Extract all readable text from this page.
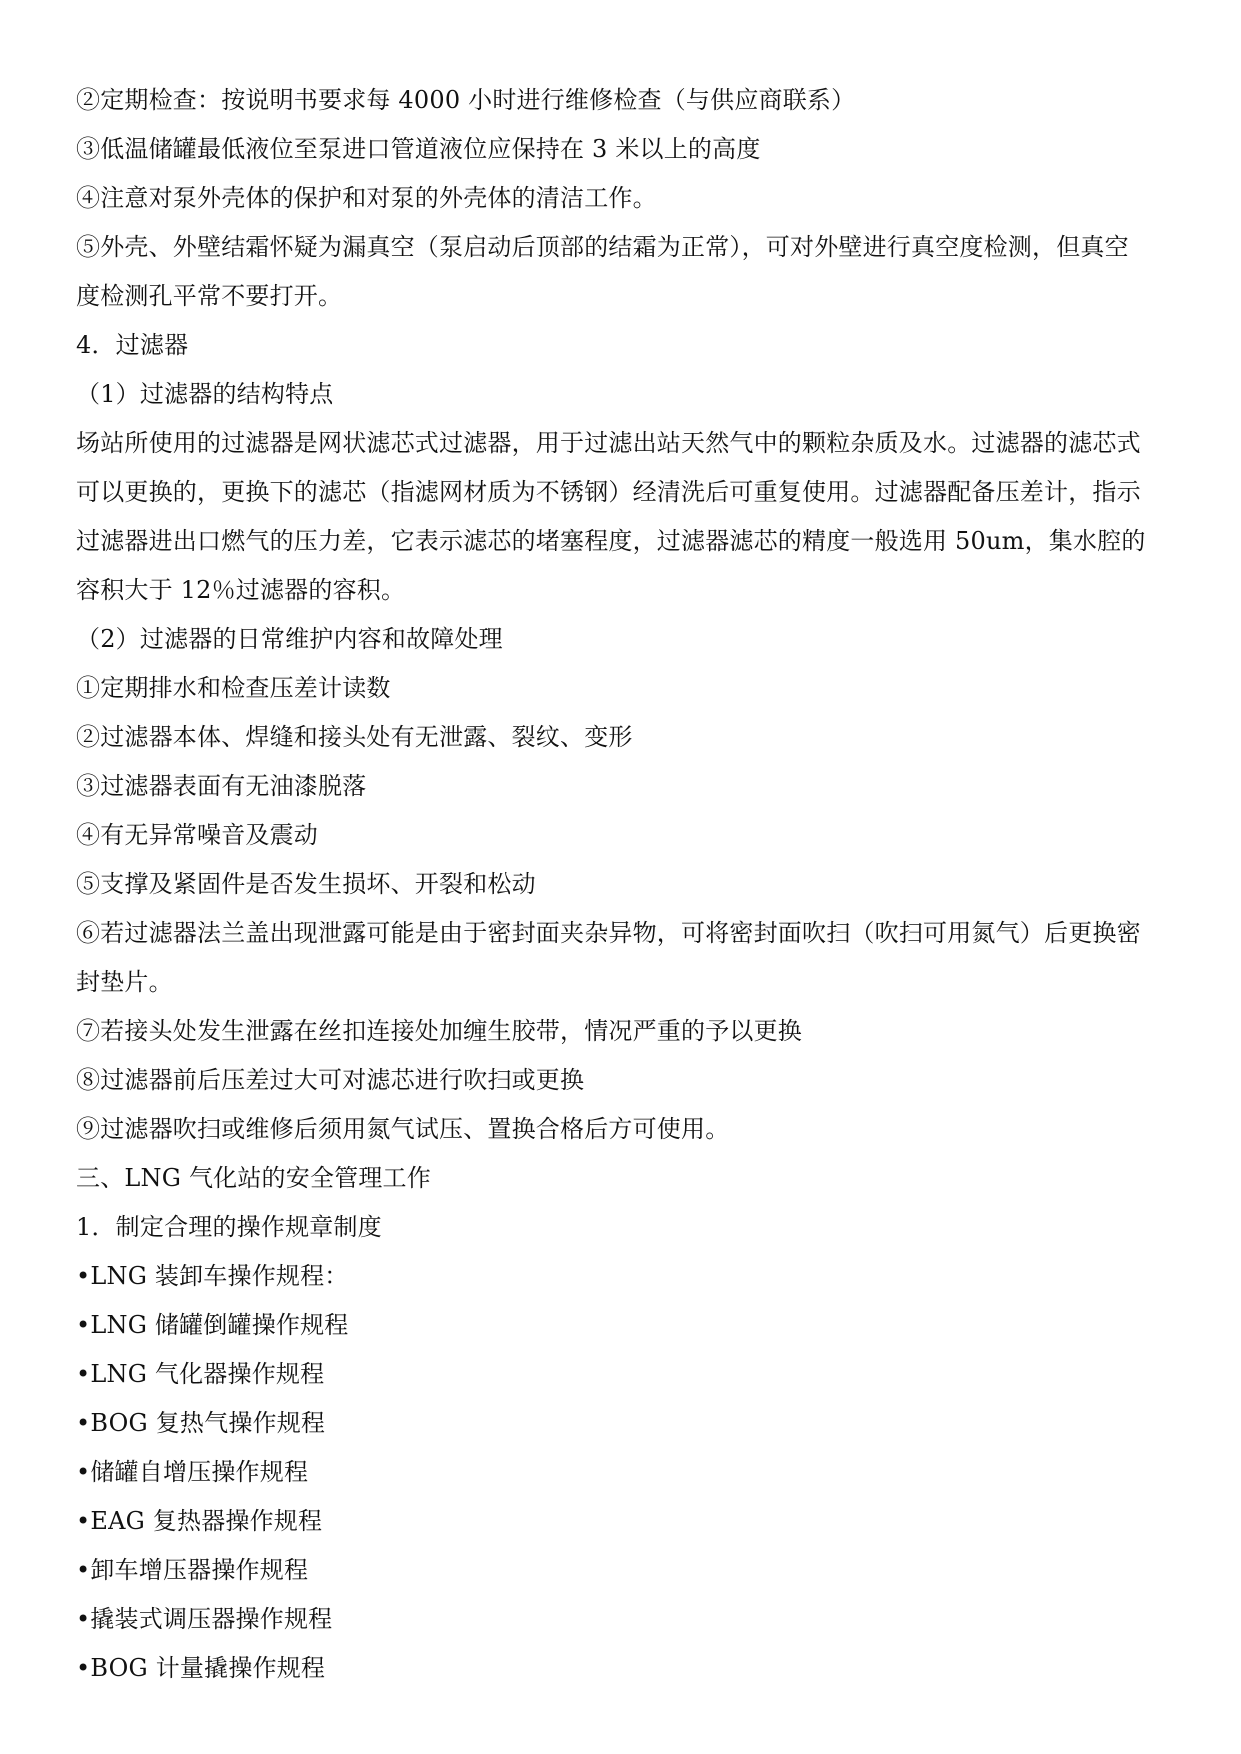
②定期检查：按说明书要求每 4000 小时进行维修检查（与供应商联系）
③低温储罐最低液位至泵进口管道液位应保持在 3 米以上的高度
④注意对泵外壳体的保护和对泵的外壳体的清洁工作。
⑤外壳、外壁结霜怀疑为漏真空（泵启动后顶部的结霜为正常），可对外壁进行真空度检测，但真空
度检测孔平常不要打开。
4．过滤器
（1）过滤器的结构特点
场站所使用的过滤器是网状滤芯式过滤器，用于过滤出站天然气中的颗粒杂质及水。过滤器的滤芯式
可以更换的，更换下的滤芯（指滤网材质为不锈钢）经清洗后可重复使用。过滤器配备压差计，指示
过滤器进出口燃气的压力差，它表示滤芯的堵塞程度，过滤器滤芯的精度一般选用 50um，集水腔的
容积大于 12％过滤器的容积。
（2）过滤器的日常维护内容和故障处理
①定期排水和检查压差计读数
②过滤器本体、焊缝和接头处有无泄露、裂纹、变形
③过滤器表面有无油漆脱落
④有无异常噪音及震动
⑤支撑及紧固件是否发生损坏、开裂和松动
⑥若过滤器法兰盖出现泄露可能是由于密封面夹杂异物，可将密封面吹扫（吹扫可用氮气）后更换密
封垫片。
⑦若接头处发生泄露在丝扣连接处加缠生胶带，情况严重的予以更换
⑧过滤器前后压差过大可对滤芯进行吹扫或更换
⑨过滤器吹扫或维修后须用氮气试压、置换合格后方可使用。
三、LNG 气化站的安全管理工作
1．制定合理的操作规章制度
•LNG 装卸车操作规程：
•LNG 储罐倒罐操作规程
•LNG 气化器操作规程
•BOG 复热气操作规程
•储罐自增压操作规程
•EAG 复热器操作规程
•卸车增压器操作规程
•撬装式调压器操作规程
•BOG 计量撬操作规程
